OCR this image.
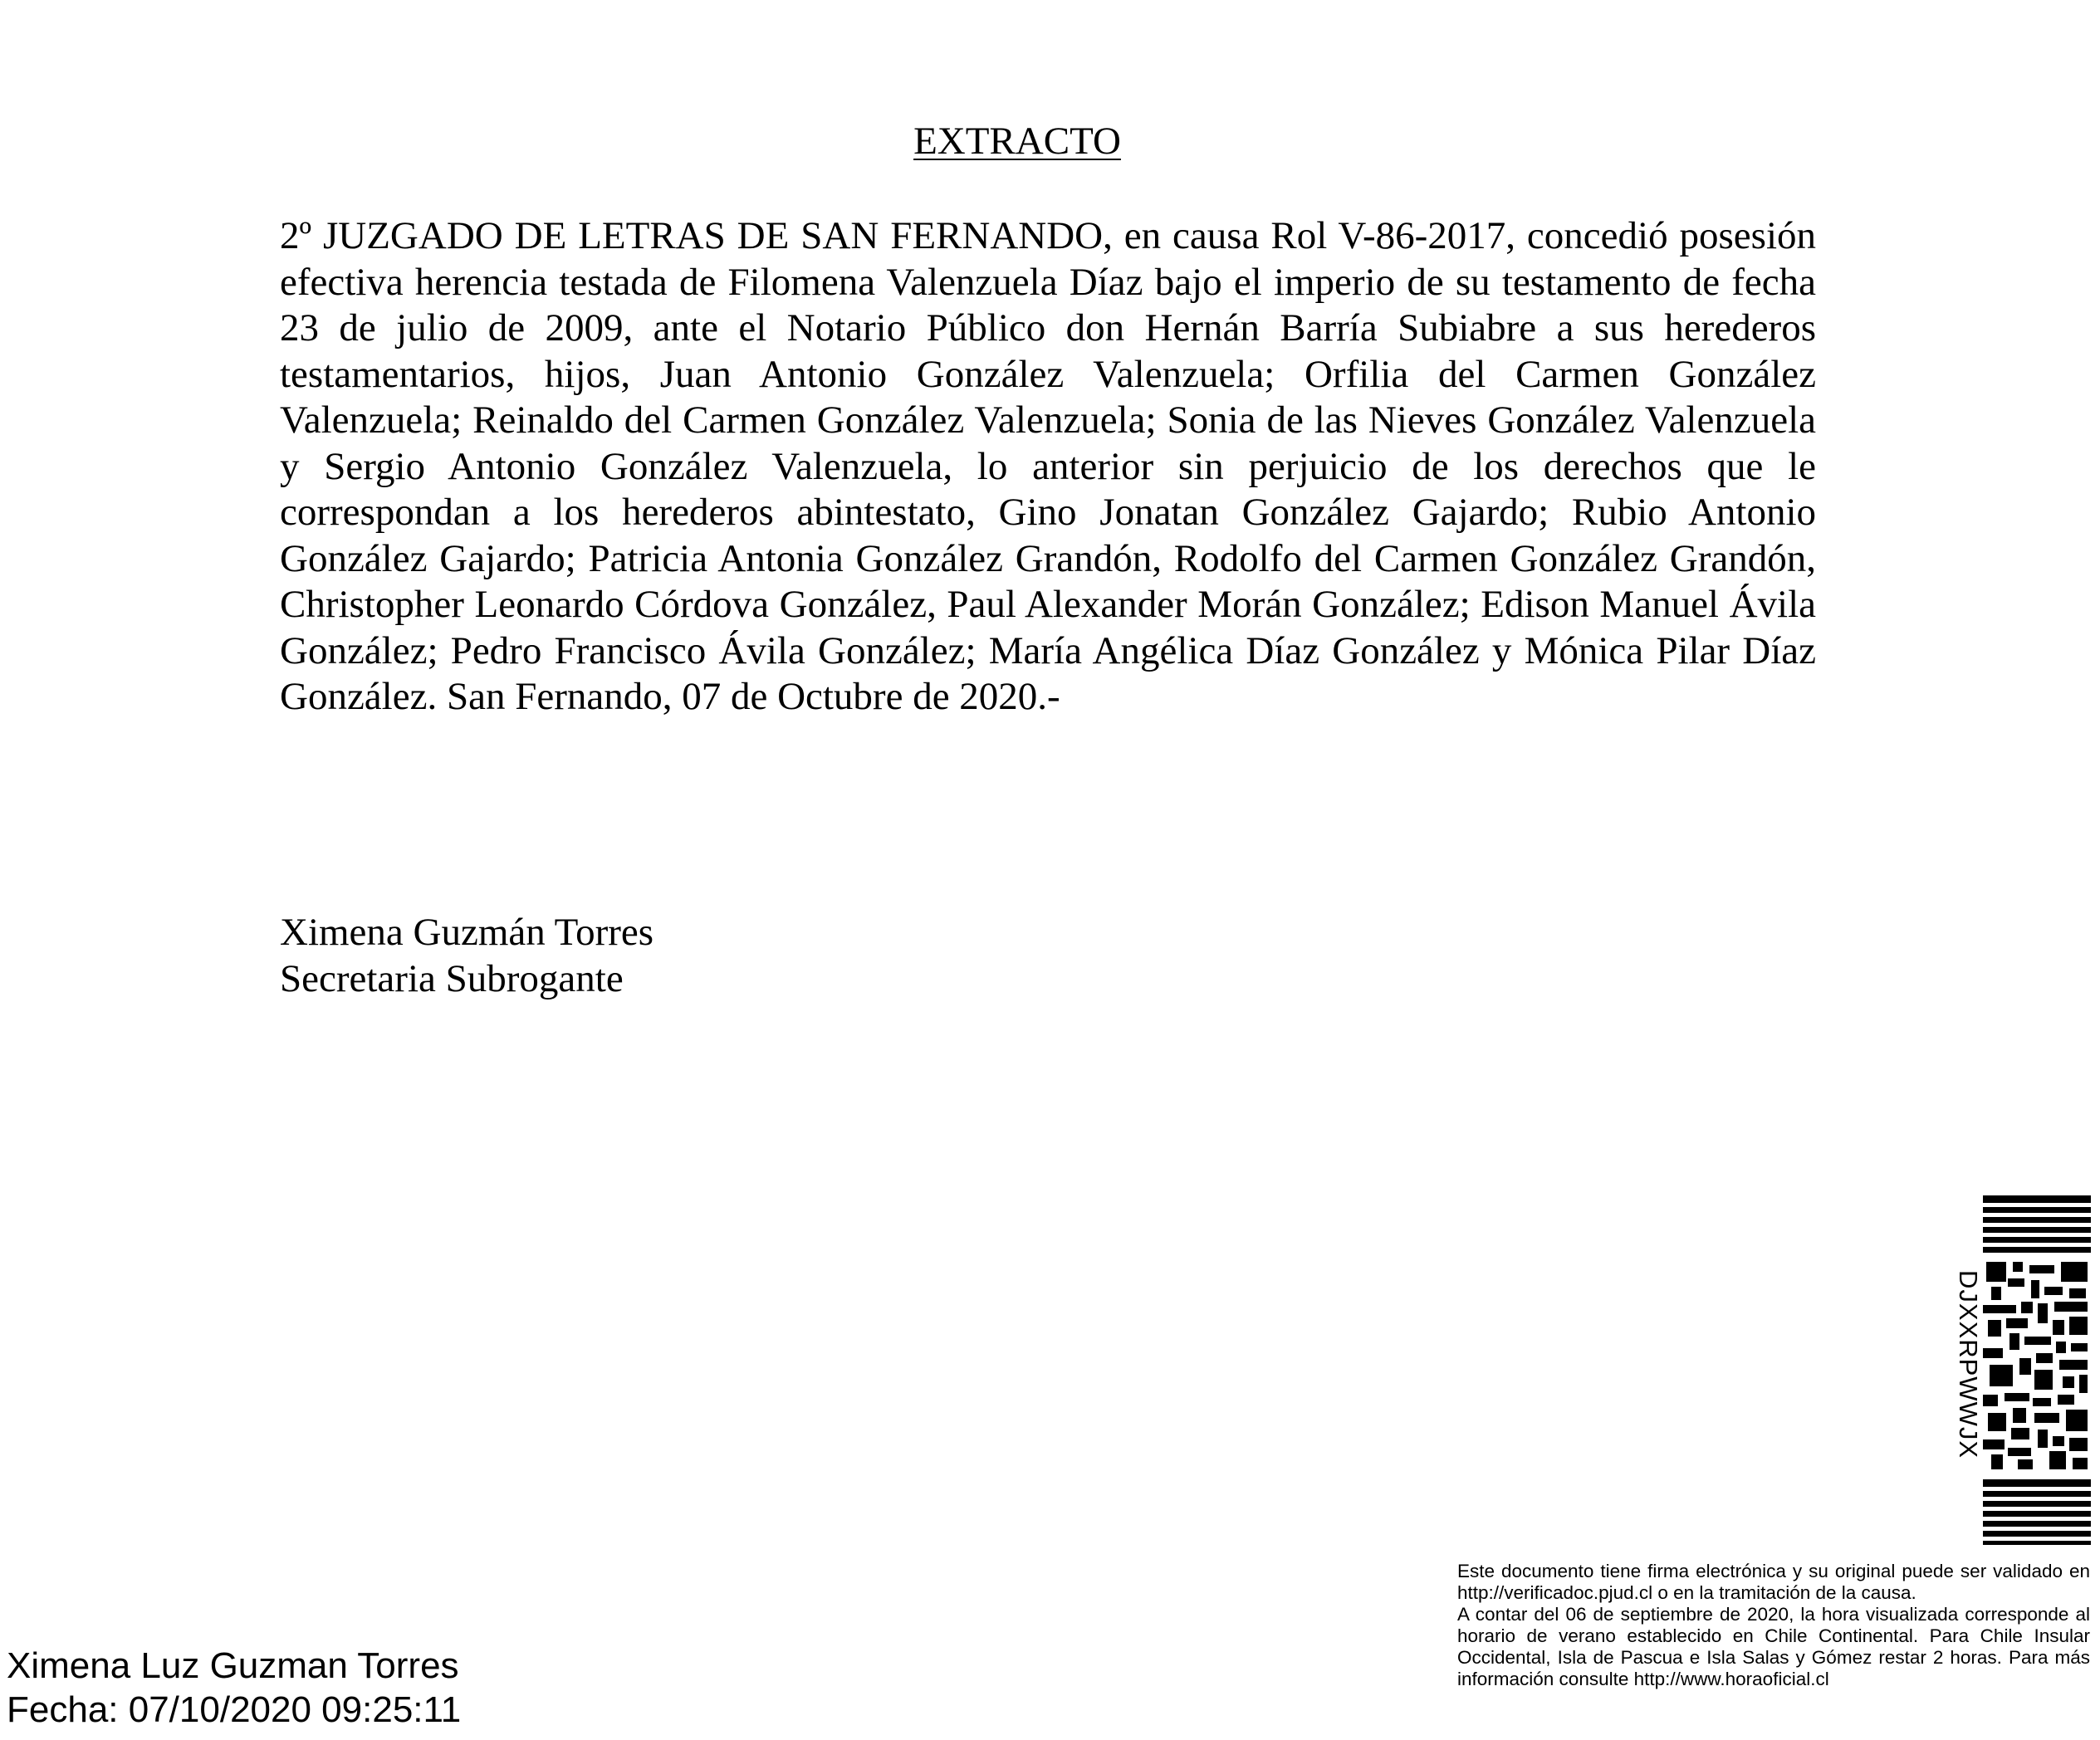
EXTRACTO

2º JUZGADO DE LETRAS DE SAN FERNANDO, en causa Rol V-86-2017, concedió posesión efectiva herencia testada de Filomena Valenzuela Díaz bajo el imperio de su testamento de fecha 23 de julio de 2009, ante el Notario Público don Hernán Barría Subiabre a sus herederos testamentarios, hijos, Juan Antonio González Valenzuela; Orfilia del Carmen González Valenzuela; Reinaldo del Carmen González Valenzuela; Sonia de las Nieves González Valenzuela y Sergio Antonio González Valenzuela, lo anterior sin perjuicio de los derechos que le correspondan a los herederos abintestato, Gino Jonatan González Gajardo; Rubio Antonio González Gajardo; Patricia Antonia González Grandón, Rodolfo del Carmen González Grandón, Christopher Leonardo Córdova González, Paul Alexander Morán González; Edison Manuel Ávila González; Pedro Francisco Ávila González; María Angélica Díaz González y Mónica Pilar Díaz González. San Fernando, 07 de Octubre de 2020.-

Ximena Guzmán Torres
Secretaria Subrogante
DJXXRPWWJX

Este documento tiene firma electrónica y su original puede ser validado en http://verificadoc.pjud.cl o en la tramitación de la causa.

A contar del 06 de septiembre de 2020, la hora visualizada corresponde al horario de verano establecido en Chile Continental. Para Chile Insular Occidental, Isla de Pascua e Isla Salas y Gómez restar 2 horas. Para más información consulte http://www.horaoficial.cl

Ximena Luz Guzman Torres
Fecha: 07/10/2020 09:25:11
